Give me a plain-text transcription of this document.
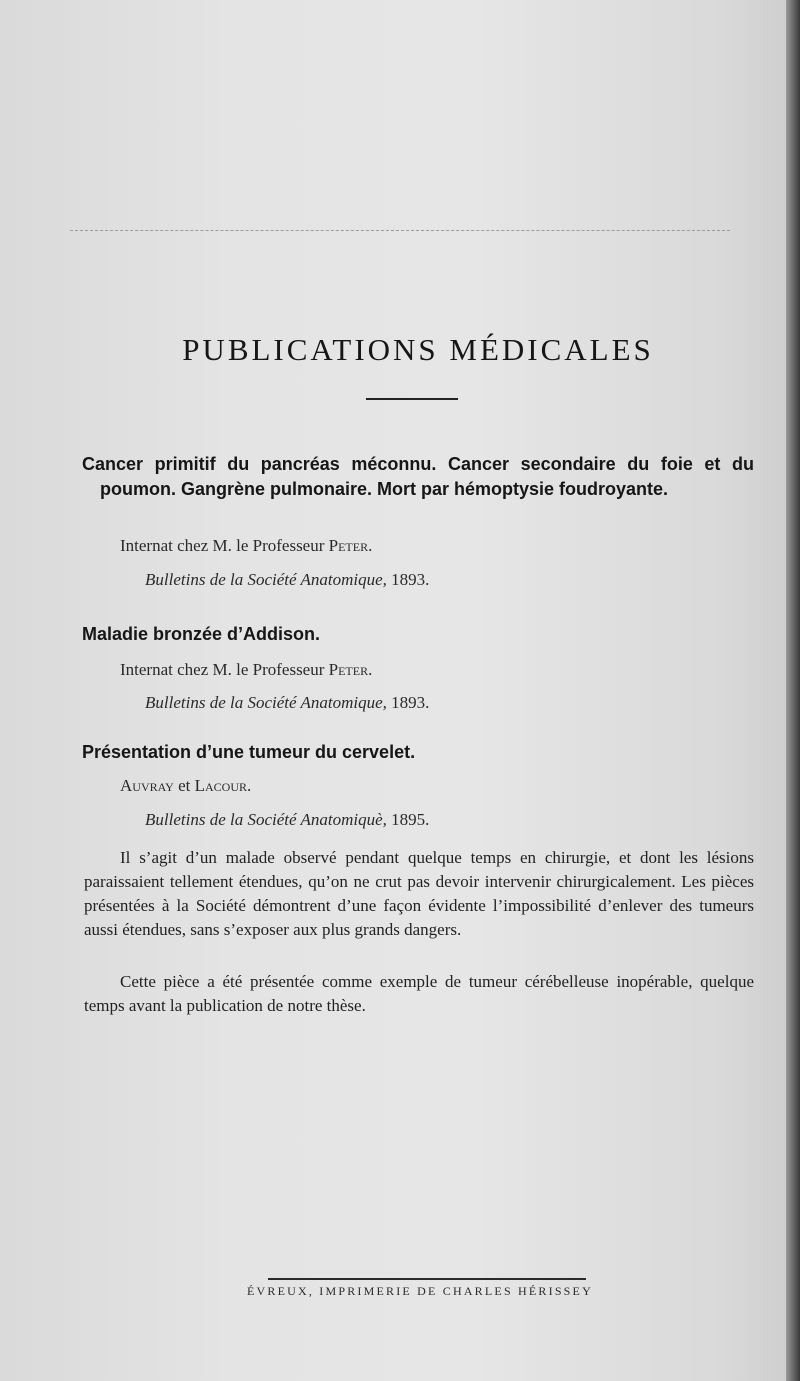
PUBLICATIONS MÉDICALES
Cancer primitif du pancréas méconnu. Cancer secondaire du foie et du poumon. Gangrène pulmonaire. Mort par hémoptysie foudroyante.
Internat chez M. le Professeur Peter.
Bulletins de la Société Anatomique, 1893.
Maladie bronzée d’Addison.
Internat chez M. le Professeur Peter.
Bulletins de la Société Anatomique, 1893.
Présentation d’une tumeur du cervelet.
Auvray et Lacour.
Bulletins de la Société Anatomiquè, 1895.

Il s’agit d’un malade observé pendant quelque temps en chirurgie, et dont les lésions paraissaient tellement étendues, qu’on ne crut pas devoir intervenir chirurgicalement. Les pièces présentées à la Société démontrent d’une façon évidente l’impossibilité d’enlever des tumeurs aussi étendues, sans s’exposer aux plus grands dangers.

Cette pièce a été présentée comme exemple de tumeur cérébelleuse inopérable, quelque temps avant la publication de notre thèse.

ÉVREUX, IMPRIMERIE DE CHARLES HÉRISSEY
